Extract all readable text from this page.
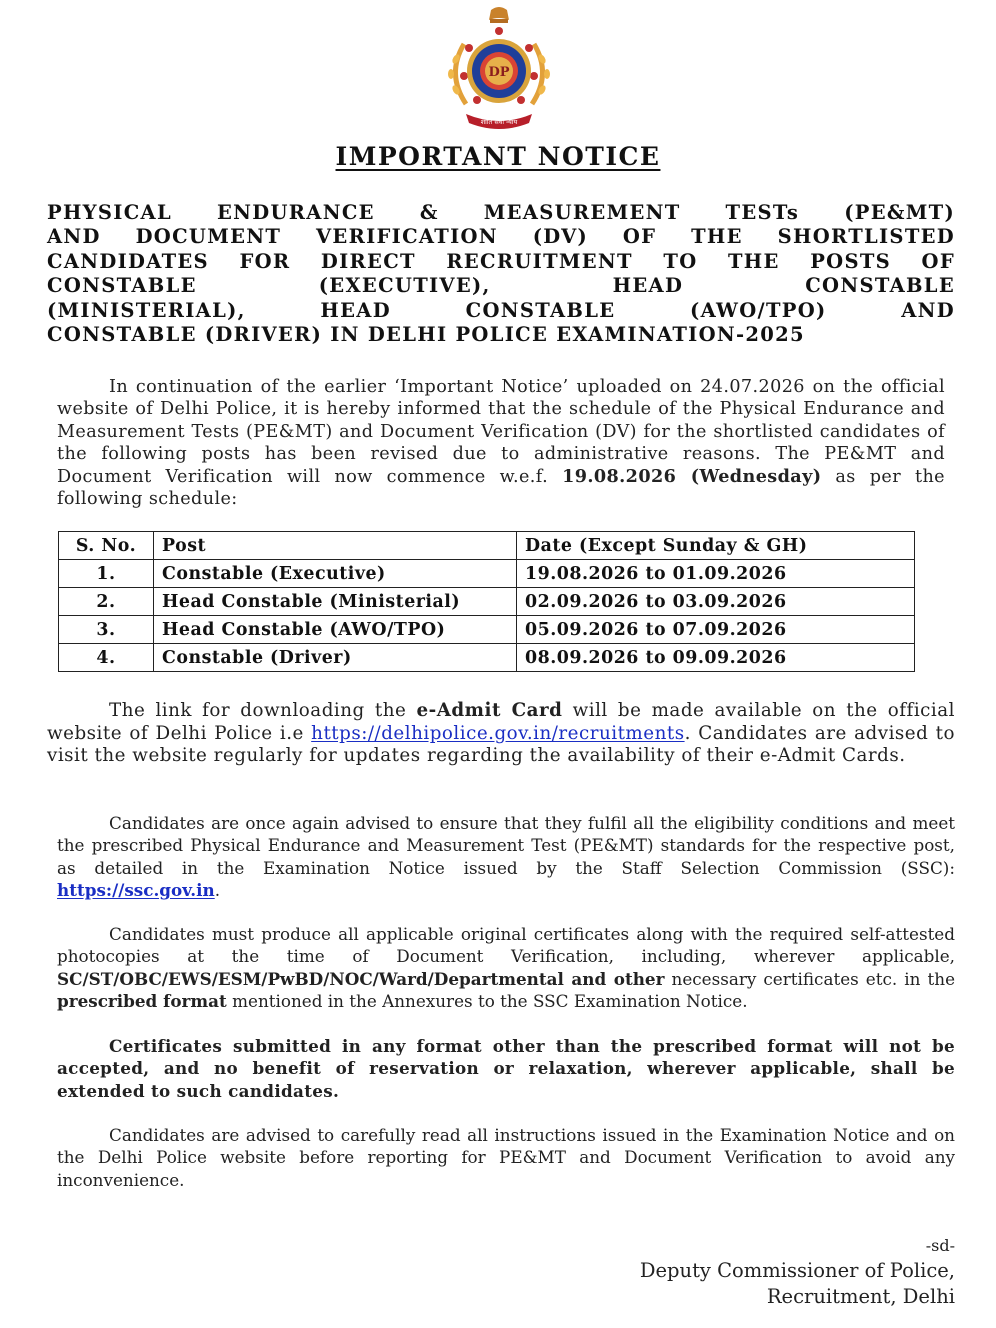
DP
शांति सेवा न्याय
IMPORTANT NOTICE
PHYSICAL ENDURANCE & MEASUREMENT TESTs (PE&MT)
AND DOCUMENT VERIFICATION (DV) OF THE SHORTLISTED
CANDIDATES FOR DIRECT RECRUITMENT TO THE POSTS OF
CONSTABLE (EXECUTIVE), HEAD CONSTABLE
(MINISTERIAL), HEAD CONSTABLE (AWO/TPO) AND
CONSTABLE (DRIVER) IN DELHI POLICE EXAMINATION-2025
In continuation of the earlier ‘Important Notice’ uploaded on 24.07.2026 on the official website of Delhi Police, it is hereby informed that the schedule of the Physical Endurance and Measurement Tests (PE&MT) and Document Verification (DV) for the shortlisted candidates of the following posts has been revised due to administrative reasons. The PE&MT and Document Verification will now commence w.e.f. 19.08.2026 (Wednesday) as per the following schedule:
S. No.	Post	Date (Except Sunday & GH)
1.	Constable (Executive)	19.08.2026 to 01.09.2026
2.	Head Constable (Ministerial)	02.09.2026 to 03.09.2026
3.	Head Constable (AWO/TPO)	05.09.2026 to 07.09.2026
4.	Constable (Driver)	08.09.2026 to 09.09.2026
The link for downloading the e-Admit Card will be made available on the official website of Delhi Police i.e https://delhipolice.gov.in/recruitments. Candidates are advised to visit the website regularly for updates regarding the availability of their e-Admit Cards.
Candidates are once again advised to ensure that they fulfil all the eligibility conditions and meet the prescribed Physical Endurance and Measurement Test (PE&MT) standards for the respective post, as detailed in the Examination Notice issued by the Staff Selection Commission (SSC): https://ssc.gov.in.
Candidates must produce all applicable original certificates along with the required self-attested photocopies at the time of Document Verification, including, wherever applicable, SC/ST/OBC/EWS/ESM/PwBD/NOC/Ward/Departmental and other necessary certificates etc. in the prescribed format mentioned in the Annexures to the SSC Examination Notice.
Certificates submitted in any format other than the prescribed format will not be accepted, and no benefit of reservation or relaxation, wherever applicable, shall be extended to such candidates.
Candidates are advised to carefully read all instructions issued in the Examination Notice and on the Delhi Police website before reporting for PE&MT and Document Verification to avoid any inconvenience.
-sd-
Deputy Commissioner of Police,
Recruitment, Delhi
